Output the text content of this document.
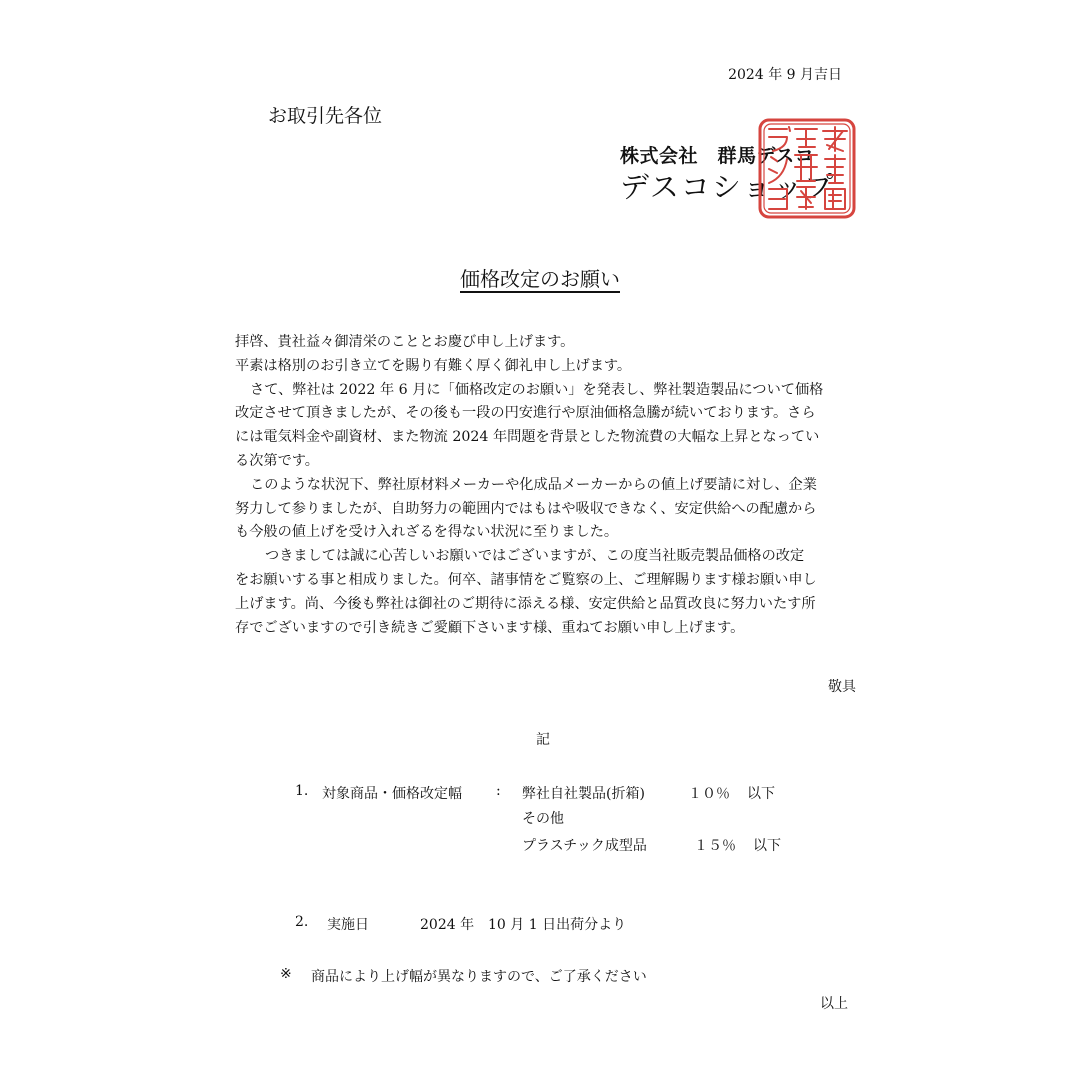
2024 年 9 月吉日
お取引先各位
株式会社　群馬デスコ
デスコショップ
価格改定のお願い

拝啓、貴社益々御清栄のこととお慶び申し上げます。

平素は格別のお引き立てを賜り有難く厚く御礼申し上げます。

さて、弊社は 2022 年 6 月に「価格改定のお願い」を発表し、弊社製造製品について価格

改定させて頂きましたが、その後も一段の円安進行や原油価格急騰が続いております。さら

には電気料金や副資材、また物流 2024 年問題を背景とした物流費の大幅な上昇となってい

る次第です。

このような状況下、弊社原材料メーカーや化成品メーカーからの値上げ要請に対し、企業

努力して参りましたが、自助努力の範囲内ではもはや吸収できなく、安定供給への配慮から

も今般の値上げを受け入れざるを得ない状況に至りました。

つきましては誠に心苦しいお願いではございますが、この度当社販売製品価格の改定

をお願いする事と相成りました。何卒、諸事情をご覧察の上、ご理解賜ります様お願い申し

上げます。尚、今後も弊社は御社のご期待に添える様、安定供給と品質改良に努力いたす所

存でございますので引き続きご愛顧下さいます様、重ねてお願い申し上げます。

敬具
記
1. 対象商品・価格改定幅 : 弊社自社製品(折箱)	１０％ 以下
その他
プラスチック成型品	１５％ 以下
2. 実施日	2024 年 10 月 1 日出荷分より
※ 商品により上げ幅が異なりますので、ご了承ください
以上
